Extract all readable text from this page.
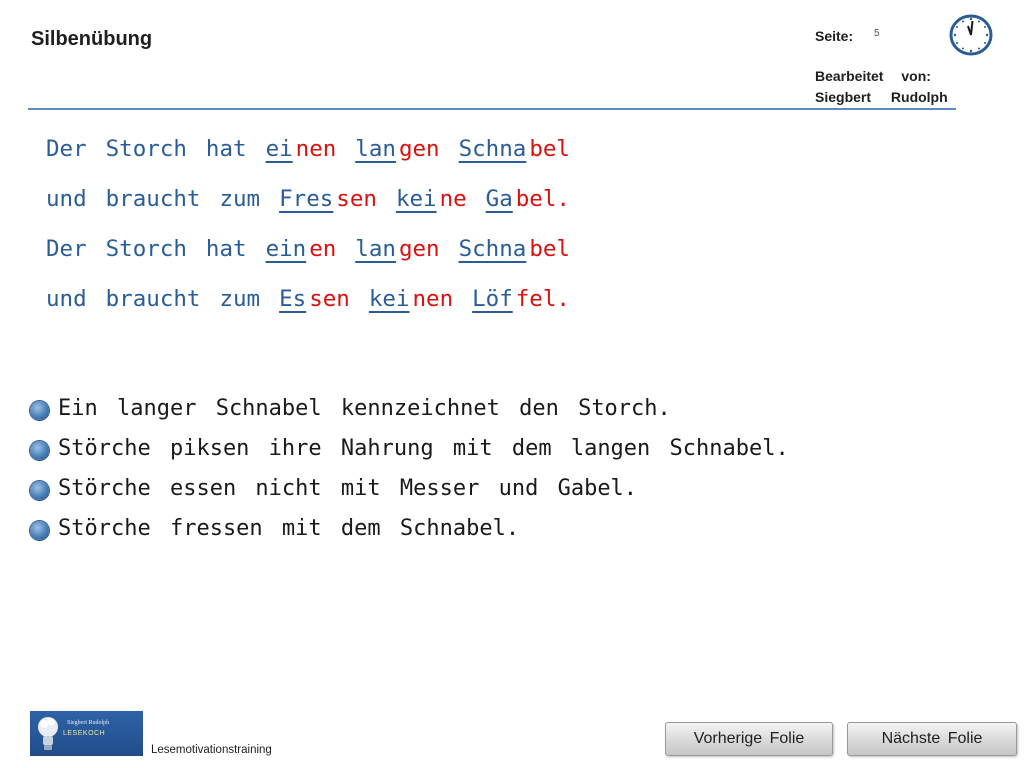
Silbenübung	Seite: 5
Bearbeitet von:
Siegbert Rudolph
Der Storch hat ei nen lan gen Schna bel
und braucht zum Fres sen kei ne Ga bel.
Der Storch hat ein en lan gen Schna bel
und braucht zum Es sen kei nen Löf fel.
Ein langer Schnabel kennzeichnet den Storch.
Störche piksen ihre Nahrung mit dem langen Schnabel.
Störche essen nicht mit Messer und Gabel.
Störche fressen mit dem Schnabel.
Siegbert Rudolph
LESEKOCH
Lesemotivationstraining
Vorherige Folie	Nächste Folie
